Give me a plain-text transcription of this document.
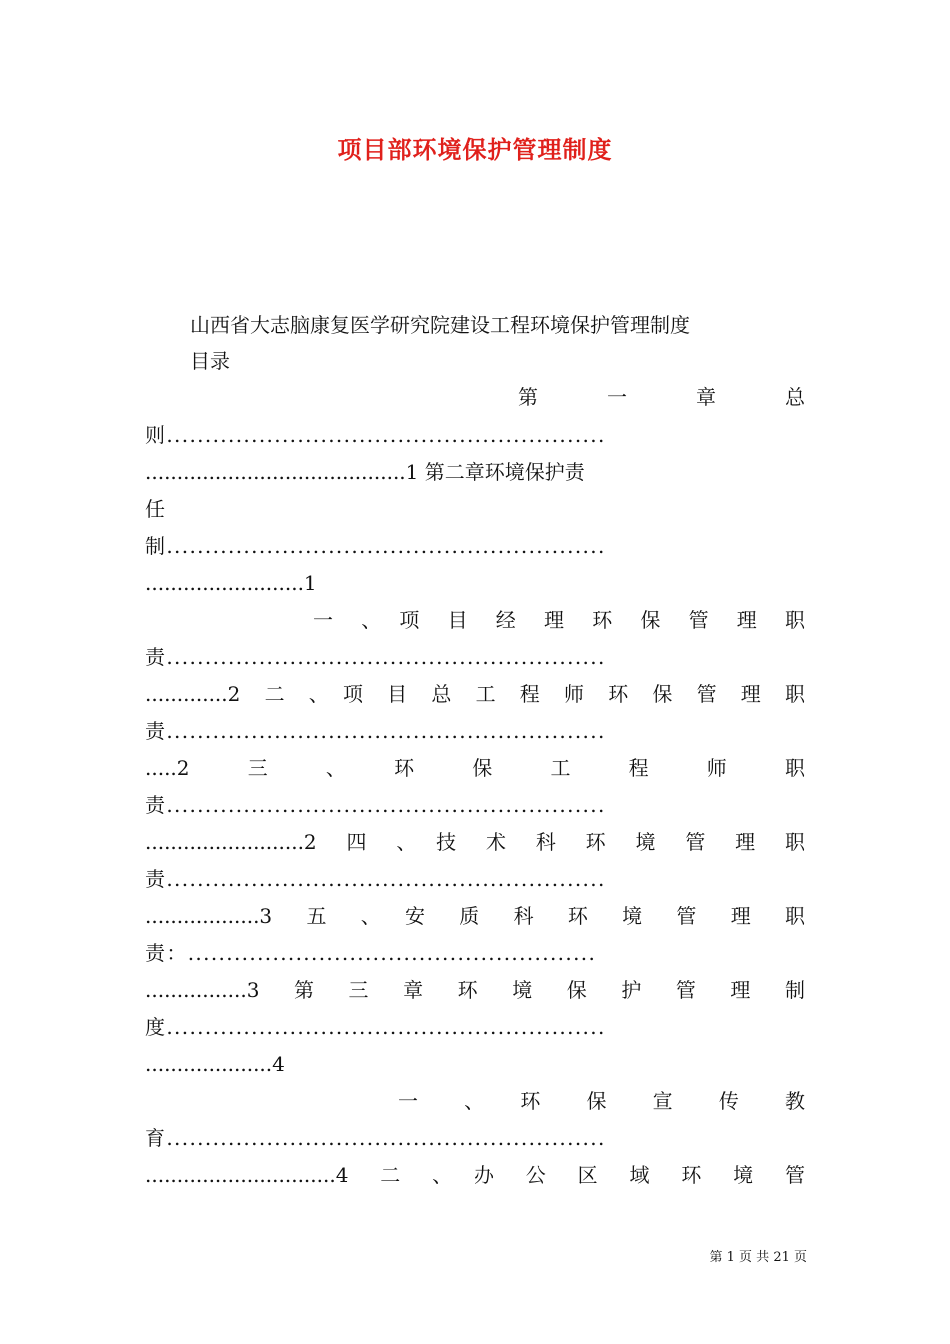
项目部环境保护管理制度
山西省大志脑康复医学研究院建设工程环境保护管理制度
目录
第　一　章　总
则.........................................................
.........................................1 第二章环境保护责
任
制.........................................................
.........................1
一　、　项　目　经　理　环　保　管　理　职
责.........................................................
.............2　二　、　项　目　总　工　程　师　环　保　管　理　职
责.........................................................
.....2　三　、　环　保　工　程　师　职
责.........................................................
.........................2　四　、　技　术　科　环　境　管　理　职
责.........................................................
..................3　五　、　安　质　科　环　境　管　理　职
责：.....................................................
................3　第　三　章　环　境　保　护　管　理　制
度.........................................................
....................4
一　、　环　保　宣　传　教
育.........................................................
..............................4　二　、　办　公　区　域　环　境　管
第 1 页 共 21 页
